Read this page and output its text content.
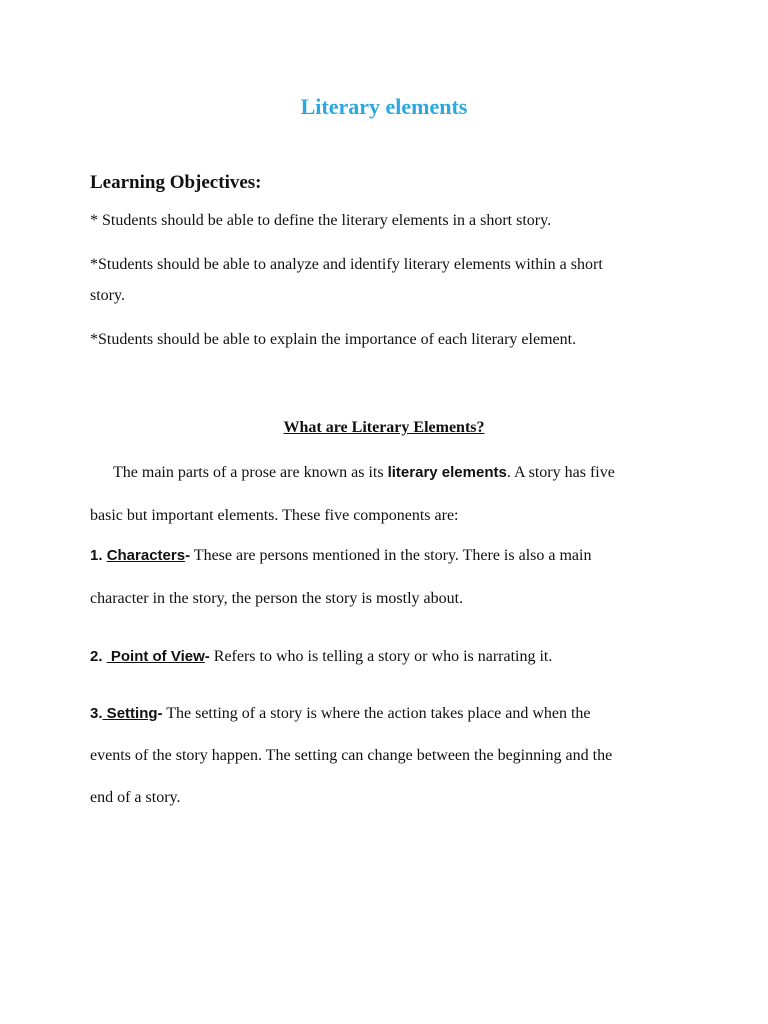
Literary elements
Learning Objectives:

* Students should be able to define the literary elements in a short story.

*Students should be able to analyze and identify literary elements within a short

story.

*Students should be able to explain the importance of each literary element.

What are Literary Elements?

The main parts of a prose are known as its literary elements. A story has five

basic but important elements. These five components are:

1. Characters- These are persons mentioned in the story. There is also a main

character in the story, the person the story is mostly about.

2.  Point of View- Refers to who is telling a story or who is narrating it.

3. Setting- The setting of a story is where the action takes place and when the

events of the story happen. The setting can change between the beginning and the

end of a story.
